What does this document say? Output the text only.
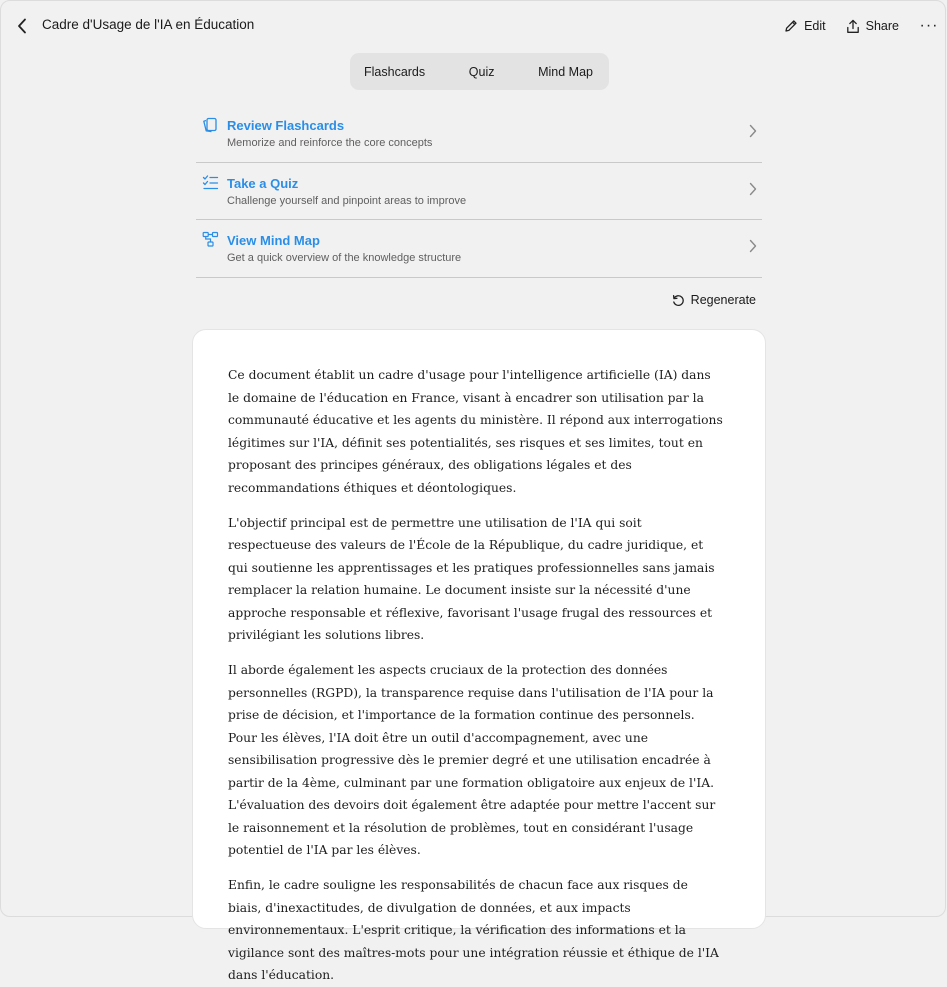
Cadre d'Usage de l'IA en Éducation	Edit	Share ···
Flashcards	Quiz	Mind Map
Review Flashcards
Memorize and reinforce the core concepts
Take a Quiz
Challenge yourself and pinpoint areas to improve
View Mind Map
Get a quick overview of the knowledge structure
Regenerate

Ce document établit un cadre d'usage pour l'intelligence artificielle (IA) dans le domaine de l'éducation en France, visant à encadrer son utilisation par la communauté éducative et les agents du ministère. Il répond aux interrogations légitimes sur l'IA, définit ses potentialités, ses risques et ses limites, tout en proposant des principes généraux, des obligations légales et des recommandations éthiques et déontologiques.

L'objectif principal est de permettre une utilisation de l'IA qui soit respectueuse des valeurs de l'École de la République, du cadre juridique, et qui soutienne les apprentissages et les pratiques professionnelles sans jamais remplacer la relation humaine. Le document insiste sur la nécessité d'une approche responsable et réflexive, favorisant l'usage frugal des ressources et privilégiant les solutions libres.

Il aborde également les aspects cruciaux de la protection des données personnelles (RGPD), la transparence requise dans l'utilisation de l'IA pour la prise de décision, et l'importance de la formation continue des personnels. Pour les élèves, l'IA doit être un outil d'accompagnement, avec une sensibilisation progressive dès le premier degré et une utilisation encadrée à partir de la 4ème, culminant par une formation obligatoire aux enjeux de l'IA. L'évaluation des devoirs doit également être adaptée pour mettre l'accent sur le raisonnement et la résolution de problèmes, tout en considérant l'usage potentiel de l'IA par les élèves.

Enfin, le cadre souligne les responsabilités de chacun face aux risques de biais, d'inexactitudes, de divulgation de données, et aux impacts environnementaux. L'esprit critique, la vérification des informations et la vigilance sont des maîtres-mots pour une intégration réussie et éthique de l'IA dans l'éducation.
